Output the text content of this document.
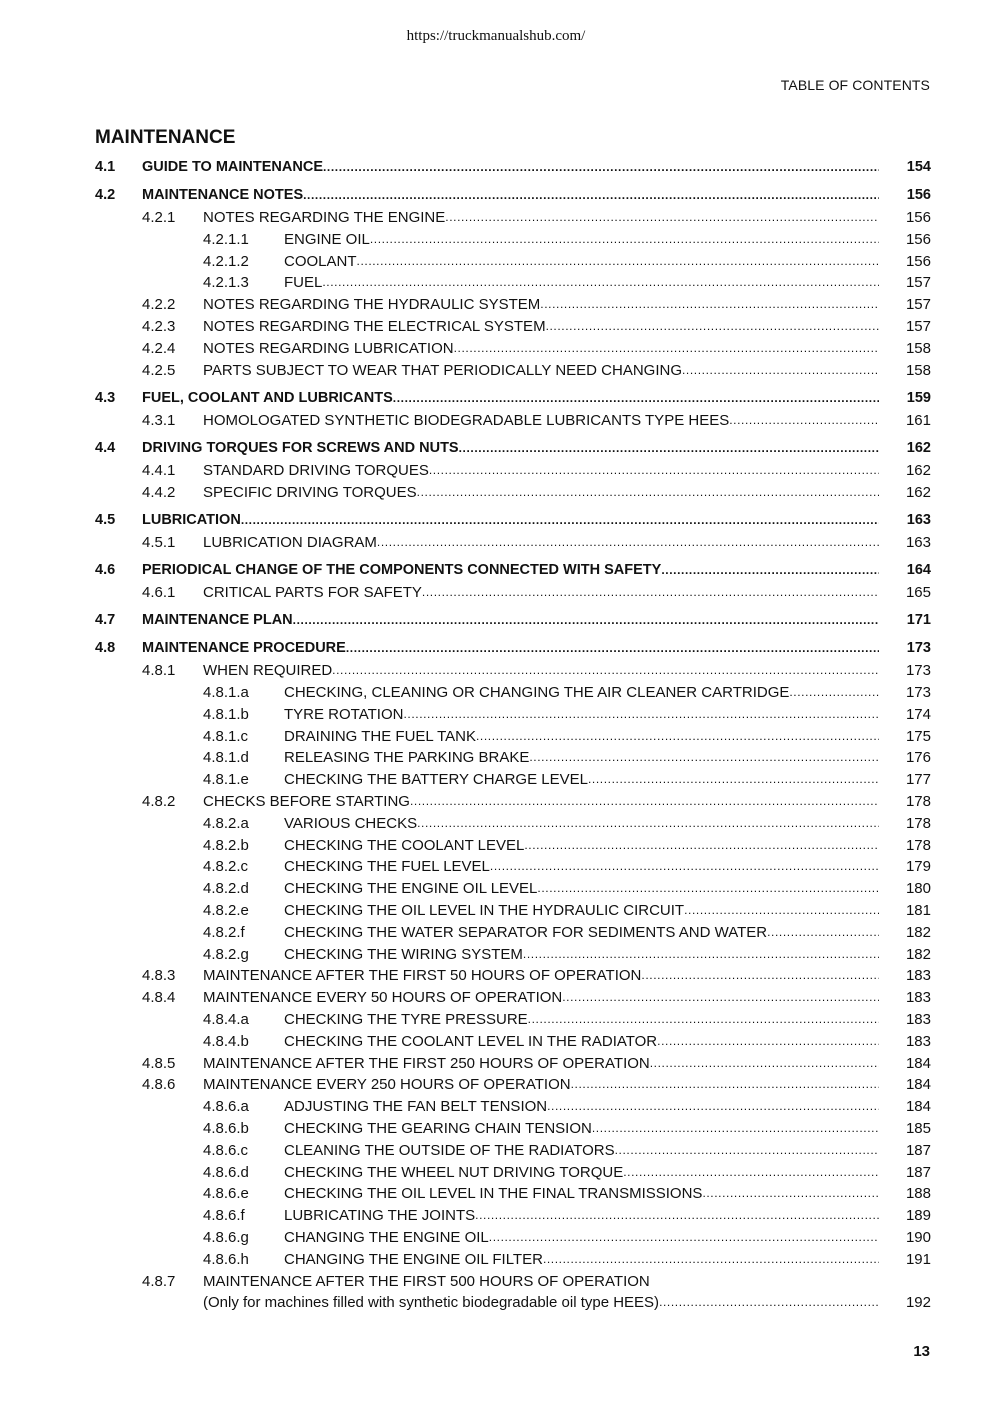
https://truckmanualshub.com/
TABLE OF CONTENTS
MAINTENANCE
4.1 GUIDE TO MAINTENANCE .....	154
4.2 MAINTENANCE NOTES .....	156
4.2.1 NOTES REGARDING THE ENGINE .....	156
4.2.1.1 ENGINE OIL .....	156
4.2.1.2 COOLANT .....	156
4.2.1.3 FUEL .....	157
4.2.2 NOTES REGARDING THE HYDRAULIC SYSTEM .....	157
4.2.3 NOTES REGARDING THE ELECTRICAL SYSTEM .....	157
4.2.4 NOTES REGARDING LUBRICATION .....	158
4.2.5 PARTS SUBJECT TO WEAR THAT PERIODICALLY NEED CHANGING .....	158
4.3 FUEL, COOLANT AND LUBRICANTS .....	159
4.3.1 HOMOLOGATED SYNTHETIC BIODEGRADABLE LUBRICANTS TYPE HEES .....	161
4.4 DRIVING TORQUES FOR SCREWS AND NUTS .....	162
4.4.1 STANDARD DRIVING TORQUES .....	162
4.4.2 SPECIFIC DRIVING TORQUES .....	162
4.5 LUBRICATION .....	163
4.5.1 LUBRICATION DIAGRAM .....	163
4.6 PERIODICAL CHANGE OF THE COMPONENTS CONNECTED WITH SAFETY .....	164
4.6.1 CRITICAL PARTS FOR SAFETY .....	165
4.7 MAINTENANCE PLAN .....	171
4.8 MAINTENANCE PROCEDURE .....	173
4.8.1 WHEN REQUIRED .....	173
4.8.1.a CHECKING, CLEANING OR CHANGING THE AIR CLEANER CARTRIDGE .....	173
4.8.1.b TYRE ROTATION .....	174
4.8.1.c DRAINING THE FUEL TANK .....	175
4.8.1.d RELEASING THE PARKING BRAKE .....	176
4.8.1.e CHECKING THE BATTERY CHARGE LEVEL .....	177
4.8.2 CHECKS BEFORE STARTING .....	178
4.8.2.a VARIOUS CHECKS .....	178
4.8.2.b CHECKING THE COOLANT LEVEL .....	178
4.8.2.c CHECKING THE FUEL LEVEL .....	179
4.8.2.d CHECKING THE ENGINE OIL LEVEL .....	180
4.8.2.e CHECKING THE OIL LEVEL IN THE HYDRAULIC CIRCUIT .....	181
4.8.2.f	CHECKING THE WATER SEPARATOR FOR SEDIMENTS AND WATER .....	182
4.8.2.g CHECKING THE WIRING SYSTEM .....	182
4.8.3 MAINTENANCE AFTER THE FIRST 50 HOURS OF OPERATION .....	183
4.8.4 MAINTENANCE EVERY 50 HOURS OF OPERATION .....	183
4.8.4.a CHECKING THE TYRE PRESSURE .....	183
4.8.4.b CHECKING THE COOLANT LEVEL IN THE RADIATOR .....	183
4.8.5 MAINTENANCE AFTER THE FIRST 250 HOURS OF OPERATION .....	184
4.8.6 MAINTENANCE EVERY 250 HOURS OF OPERATION .....	184
4.8.6.a ADJUSTING THE FAN BELT TENSION .....	184
4.8.6.b CHECKING THE GEARING CHAIN TENSION .....	185
4.8.6.c CLEANING THE OUTSIDE OF THE RADIATORS .....	187
4.8.6.d CHECKING THE WHEEL NUT DRIVING TORQUE .....	187
4.8.6.e CHECKING THE OIL LEVEL IN THE FINAL TRANSMISSIONS .....	188
4.8.6.f	LUBRICATING THE JOINTS .....	189
4.8.6.g CHANGING THE ENGINE OIL .....	190
4.8.6.h CHANGING THE ENGINE OIL FILTER .....	191
4.8.7 MAINTENANCE AFTER THE FIRST 500 HOURS OF OPERATION
(Only for machines filled with synthetic biodegradable oil type HEES) .....	192
13
